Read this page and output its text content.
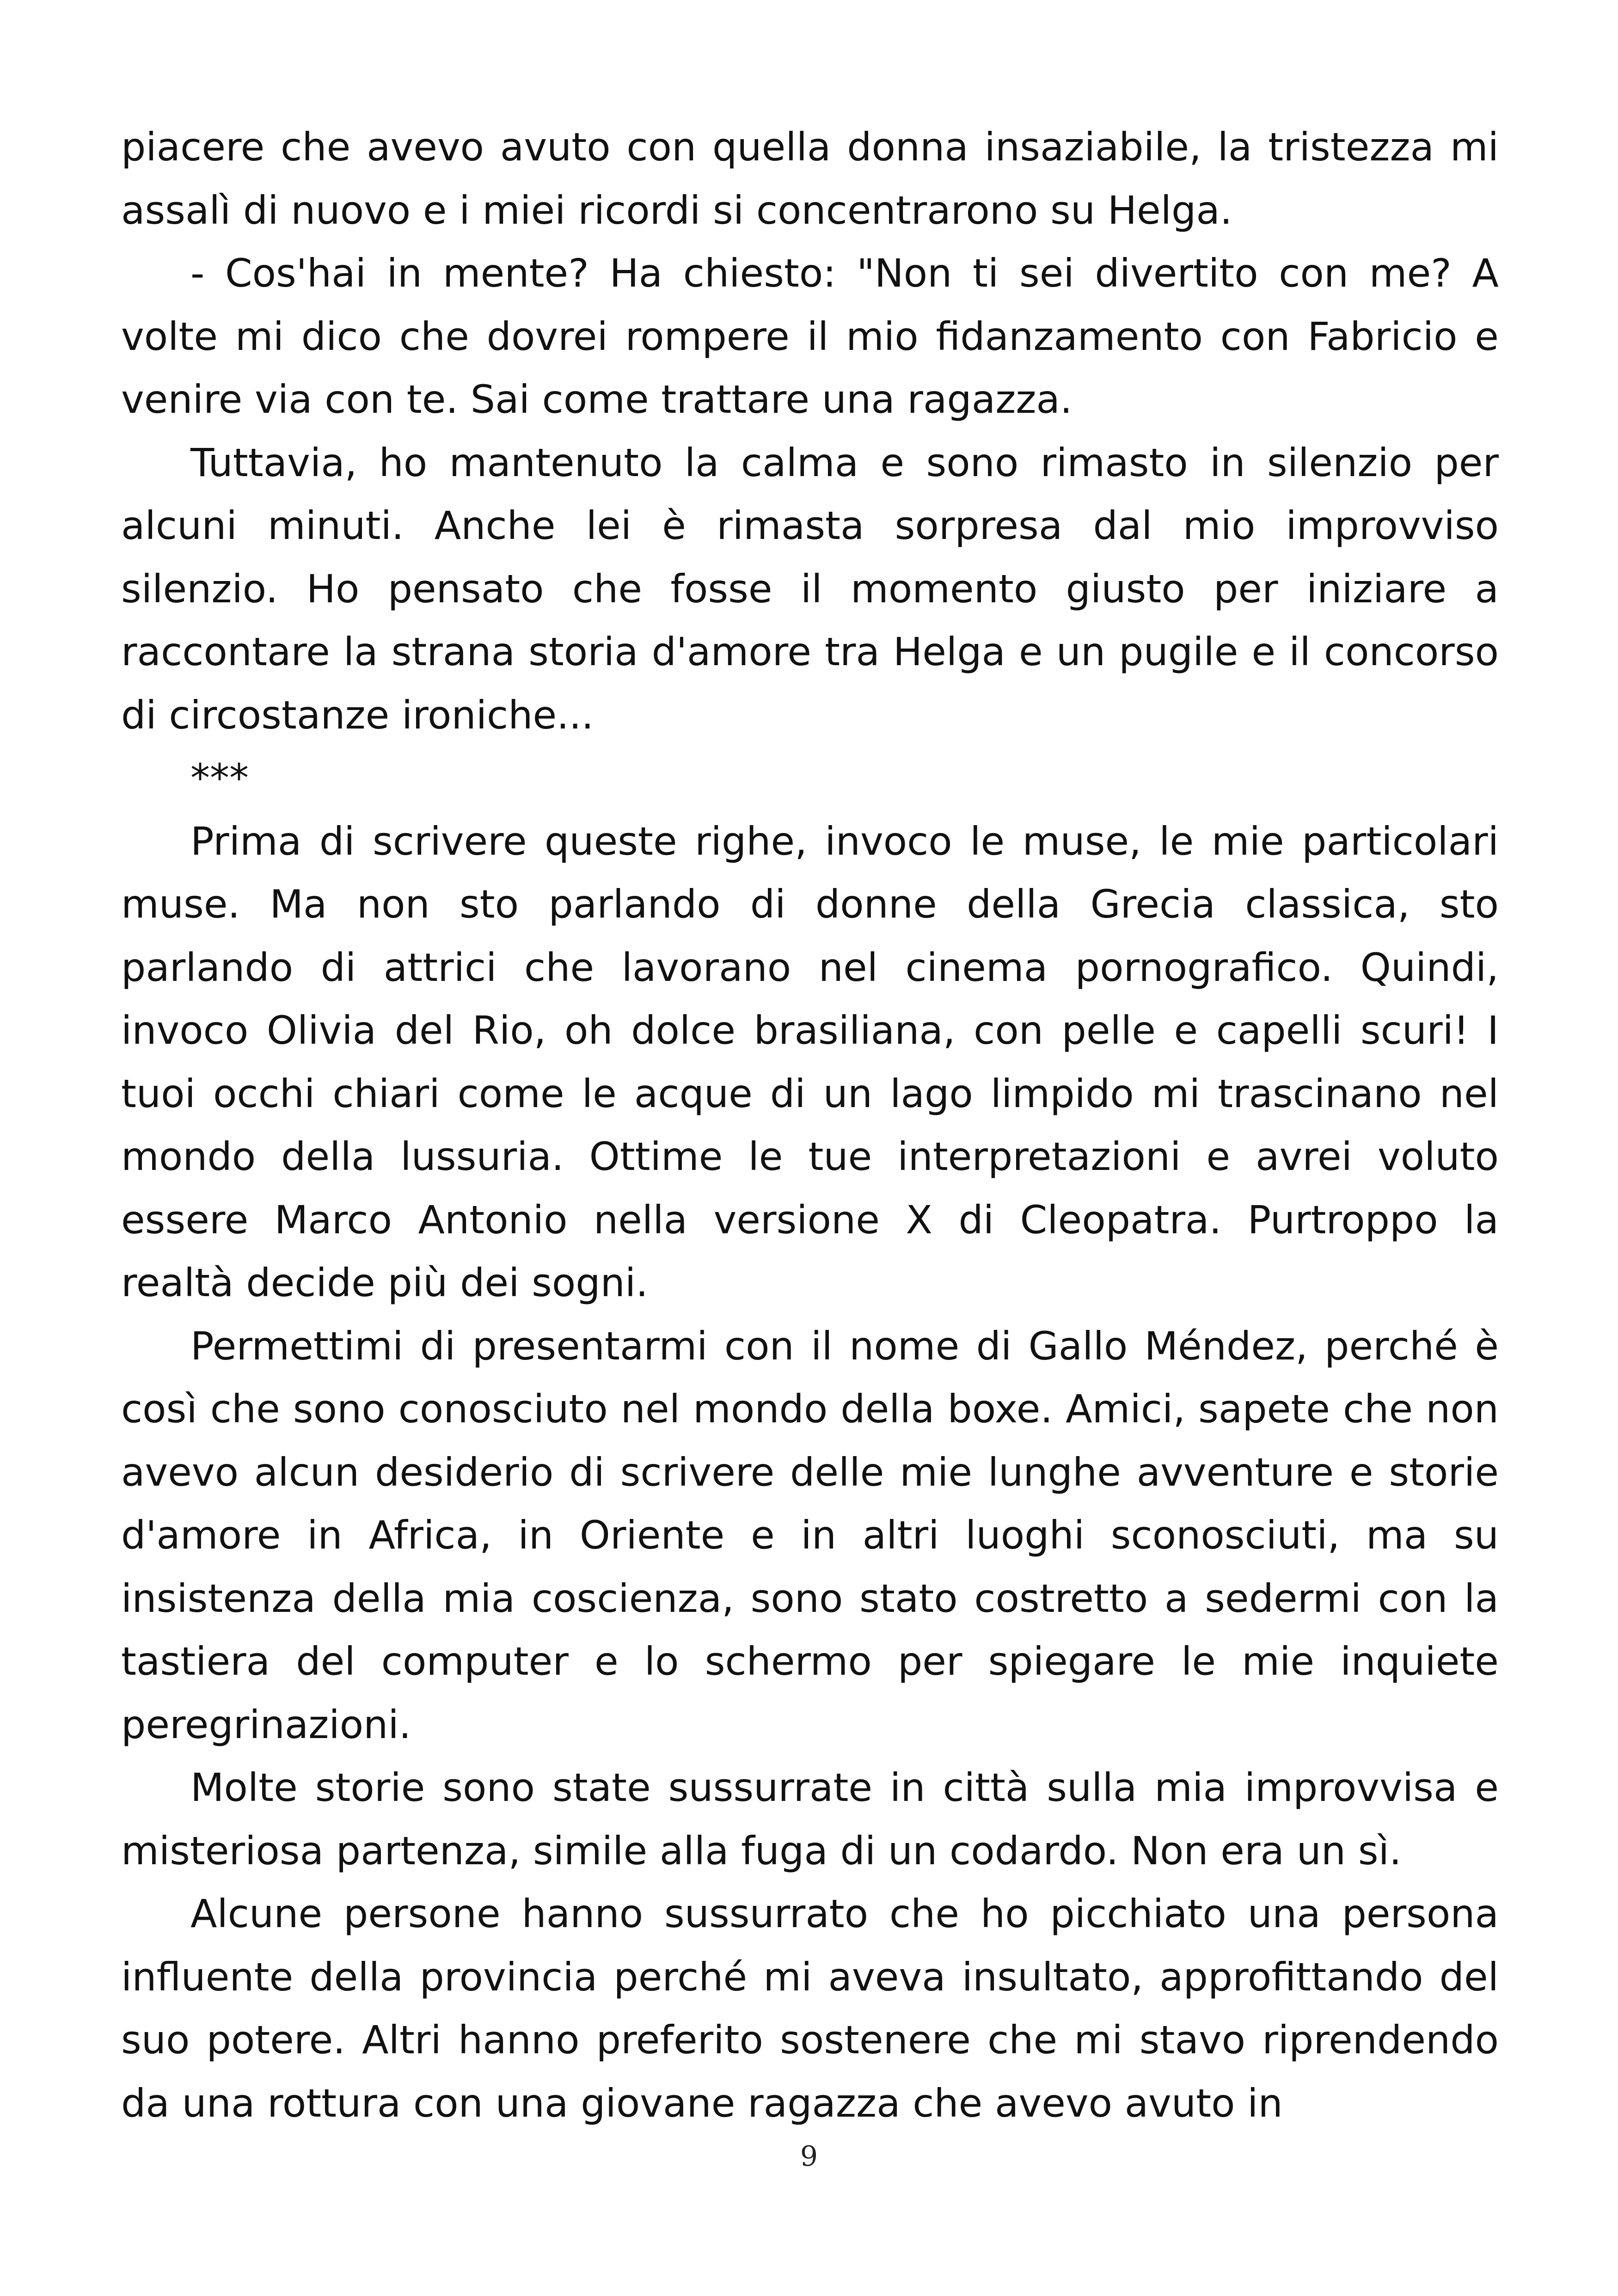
piacere che avevo avuto con quella donna insaziabile, la tristezza mi assalì di nuovo e i miei ricordi si concentrarono su Helga.

- Cos'hai in mente? Ha chiesto: "Non ti sei divertito con me? A volte mi dico che dovrei rompere il mio fidanzamento con Fabricio e venire via con te. Sai come trattare una ragazza.

Tuttavia, ho mantenuto la calma e sono rimasto in silenzio per alcuni minuti. Anche lei è rimasta sorpresa dal mio improvviso silenzio. Ho pensato che fosse il momento giusto per iniziare a raccontare la strana storia d'amore tra Helga e un pugile e il concorso di circostanze ironiche...

***

Prima di scrivere queste righe, invoco le muse, le mie particolari muse. Ma non sto parlando di donne della Grecia classica, sto parlando di attrici che lavorano nel cinema pornografico. Quindi, invoco Olivia del Rio, oh dolce brasiliana, con pelle e capelli scuri! I tuoi occhi chiari come le acque di un lago limpido mi trascinano nel mondo della lussuria. Ottime le tue interpretazioni e avrei voluto essere Marco Antonio nella versione X di Cleopatra. Purtroppo la realtà decide più dei sogni.

Permettimi di presentarmi con il nome di Gallo Méndez, perché è così che sono conosciuto nel mondo della boxe. Amici, sapete che non avevo alcun desiderio di scrivere delle mie lunghe avventure e storie d'amore in Africa, in Oriente e in altri luoghi sconosciuti, ma su insistenza della mia coscienza, sono stato costretto a sedermi con la tastiera del computer e lo schermo per spiegare le mie inquiete peregrinazioni.

Molte storie sono state sussurrate in città sulla mia improvvisa e misteriosa partenza, simile alla fuga di un codardo. Non era un sì.

Alcune persone hanno sussurrato che ho picchiato una persona influente della provincia perché mi aveva insultato, approfittando del suo potere. Altri hanno preferito sostenere che mi stavo riprendendo da una rottura con una giovane ragazza che avevo avuto in

9
